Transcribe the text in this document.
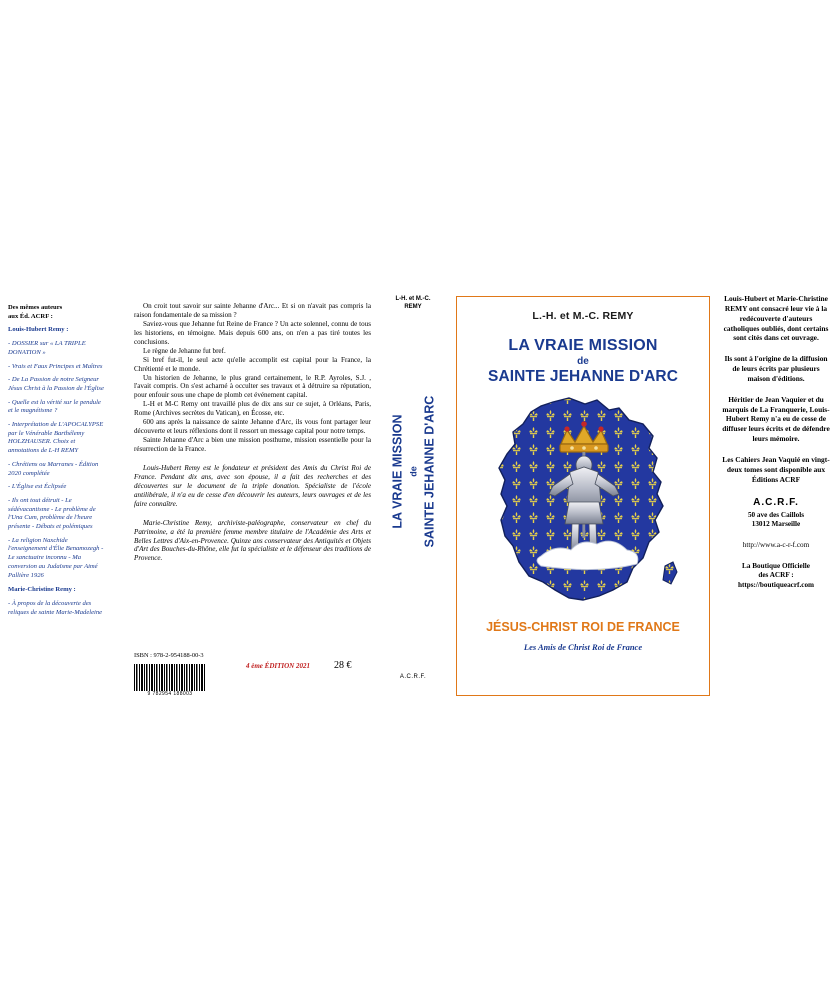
Des mêmes auteurs
aux Éd. ACRF :
Louis-Hubert Remy :

- DOSSIER sur « LA TRIPLE DONATION »

- Vrais et Faux Principes et Maîtres

- De La Passion de notre Seigneur Jésus Christ à la Passion de l'Église

- Quelle est la vérité sur le pendule et le magnétisme ?

- Interprétation de L'APOCALYPSE par le Vénérable Barthélemy HOLZHAUSER. Choix et annotations de L-H REMY

- Chrétiens ou Marranes - Édition 2020 complétée

- L'Église est Éclipsée

- Ils ont tout détruit - Le sédévacantisme - Le problème de l'Una Cum, problème de l'heure présente - Débats et polémiques

- La religion Naxchide l'enseignement d'Élie Benamozegh - Le sanctuaire inconnu - Ma conversion au Judaïsme par Aimé Pallière 1926

Marie-Christine Remy :

- À propos de la découverte des reliques de sainte Marie-Madeleine

On croit tout savoir sur sainte Jehanne d'Arc... Et si on n'avait pas compris la raison fondamentale de sa mission ?

Saviez-vous que Jehanne fut Reine de France ? Un acte solennel, connu de tous les historiens, en témoigne. Mais depuis 600 ans, on n'en a pas tiré toutes les conclusions.

Le règne de Jehanne fut bref.

Si bref fut-il, le seul acte qu'elle accomplit est capital pour la France, la Chrétienté et le monde.

Un historien de Jehanne, le plus grand certainement, le R.P. Ayroles, S.J. , l'avait compris. On s'est acharné à occulter ses travaux et à détruire sa réputation, pour enfouir sous une chape de plomb cet événement capital.

L-H et M-C Remy ont travaillé plus de dix ans sur ce sujet, à Orléans, Paris, Rome (Archives secrètes du Vatican), en Écosse, etc.

600 ans après la naissance de sainte Jehanne d'Arc, ils vous font partager leur découverte et leurs réflexions dont il ressort un message capital pour notre temps.

Sainte Jehanne d'Arc a bien une mission posthume, mission essentielle pour la résurrection de la France.

Louis-Hubert Remy est le fondateur et président des Amis du Christ Roi de France. Pendant dix ans, avec son épouse, il a fait des recherches et des découvertes sur le document de la triple donation. Spécialiste de l'école antilibérale, il n'a eu de cesse d'en découvrir les auteurs, leurs ouvrages et de les faire connaître.

Marie-Christine Remy, archiviste-paléographe, conservateur en chef du Patrimoine, a été la première femme membre titulaire de l'Académie des Arts et Belles Lettres d'Aix-en-Provence. Quinze ans conservateur des Antiquités et Objets d'Art des Bouches-du-Rhône, elle fut la spécialiste et le défenseur des traditions de Provence.

ISBN : 978-2-954188-00-3
9 782954 188003
4 ème ÉDITION 2021 28 €
L-H. et M.-C.
REMY
LA VRAIE MISSION de SAINTE JEHANNE D'ARC
A.C.R.F.
L.-H. et M.-C. REMY
LA VRAIE MISSION
de
SAINTE JEHANNE D'ARC
JÉSUS-CHRIST ROI DE FRANCE
Les Amis de Christ Roi de France

Louis-Hubert et Marie-Christine REMY ont consacré leur vie à la redécouverte d'auteurs catholiques oubliés, dont certains sont cités dans cet ouvrage.

Ils sont à l'origine de la diffusion de leurs écrits par plusieurs maison d'éditions.

Héritier de Jean Vaquier et du marquis de La Franquerie, Louis-Hubert Remy n'a eu de cesse de diffuser leurs écrits et de défendre leurs mémoire.

Les Cahiers Jean Vaquié en vingt-deux tomes sont disponible aux Éditions ACRF

A.C.R.F.
50 ave des Caillols
13012 Marseille
http://www.a-c-r-f.com
La Boutique Officielle
des ACRF :
https://boutiqueacrf.com
